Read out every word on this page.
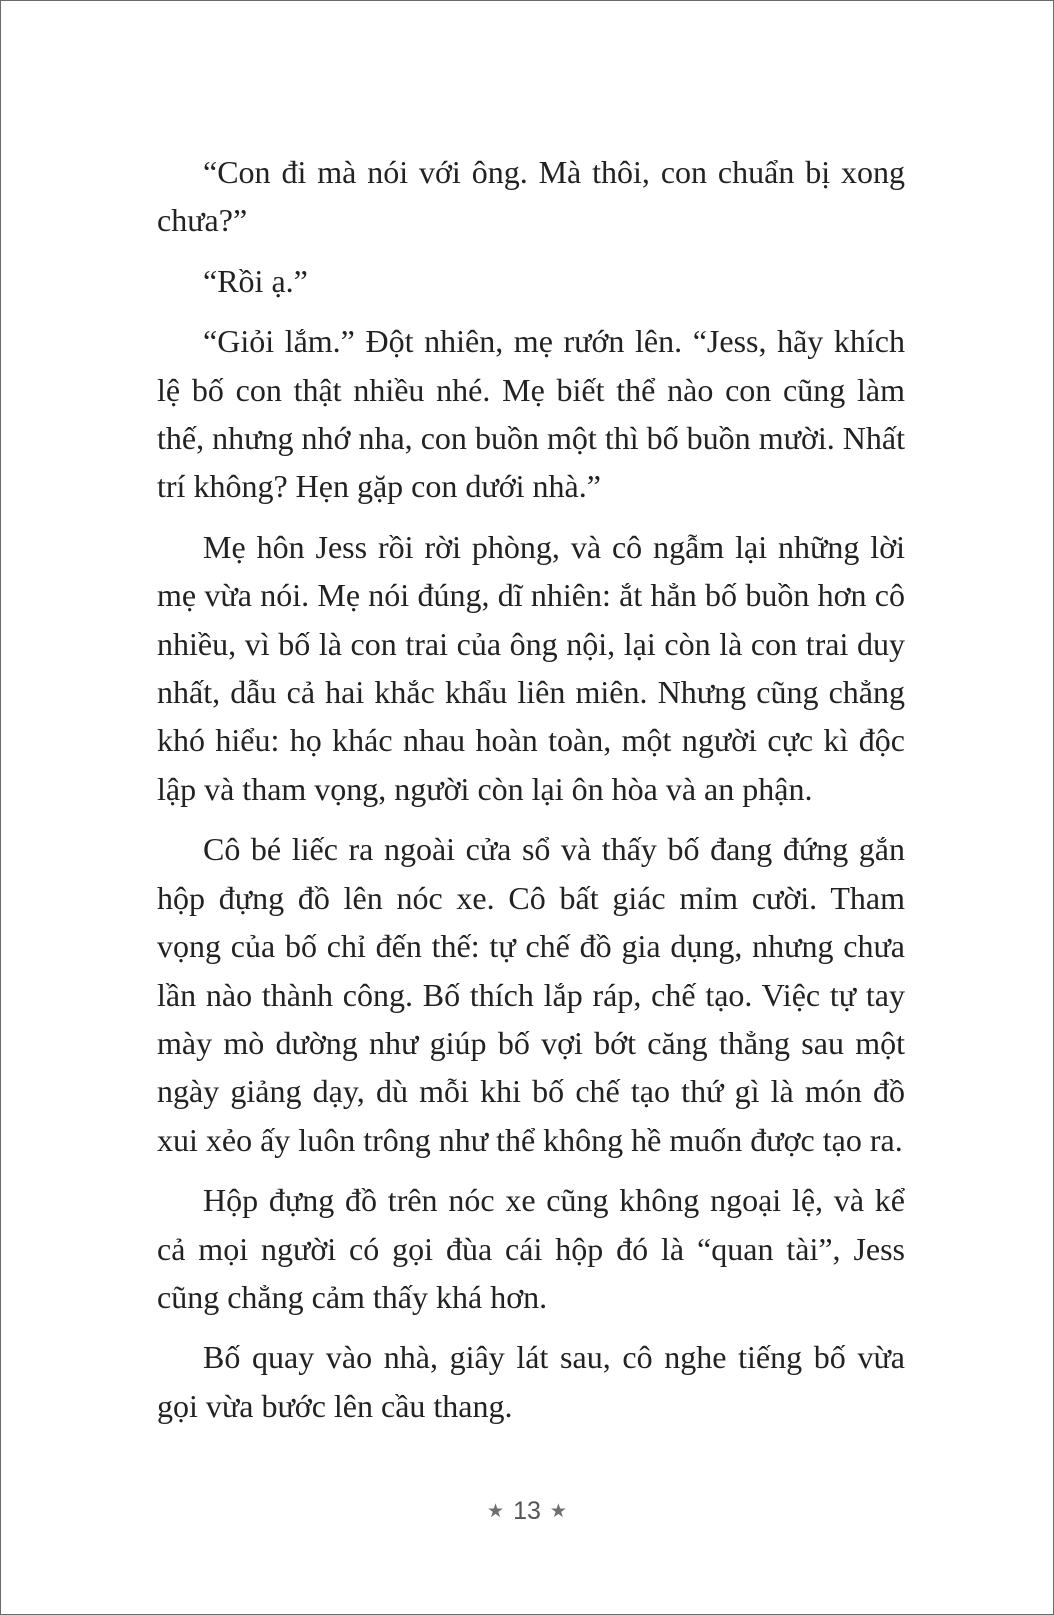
“Con đi mà nói với ông. Mà thôi, con chuẩn bị xong chưa?”

“Rồi ạ.”

“Giỏi lắm.” Đột nhiên, mẹ rướn lên. “Jess, hãy khích lệ bố con thật nhiều nhé. Mẹ biết thể nào con cũng làm thế, nhưng nhớ nha, con buồn một thì bố buồn mười. Nhất trí không? Hẹn gặp con dưới nhà.”

Mẹ hôn Jess rồi rời phòng, và cô ngẫm lại những lời mẹ vừa nói. Mẹ nói đúng, dĩ nhiên: ắt hẳn bố buồn hơn cô nhiều, vì bố là con trai của ông nội, lại còn là con trai duy nhất, dẫu cả hai khắc khẩu liên miên. Nhưng cũng chẳng khó hiểu: họ khác nhau hoàn toàn, một người cực kì độc lập và tham vọng, người còn lại ôn hòa và an phận.

Cô bé liếc ra ngoài cửa sổ và thấy bố đang đứng gắn hộp đựng đồ lên nóc xe. Cô bất giác mỉm cười. Tham vọng của bố chỉ đến thế: tự chế đồ gia dụng, nhưng chưa lần nào thành công. Bố thích lắp ráp, chế tạo. Việc tự tay mày mò dường như giúp bố vợi bớt căng thẳng sau một ngày giảng dạy, dù mỗi khi bố chế tạo thứ gì là món đồ xui xẻo ấy luôn trông như thể không hề muốn được tạo ra.

Hộp đựng đồ trên nóc xe cũng không ngoại lệ, và kể cả mọi người có gọi đùa cái hộp đó là “quan tài”, Jess cũng chẳng cảm thấy khá hơn.

Bố quay vào nhà, giây lát sau, cô nghe tiếng bố vừa gọi vừa bước lên cầu thang.

★ 13 ★
